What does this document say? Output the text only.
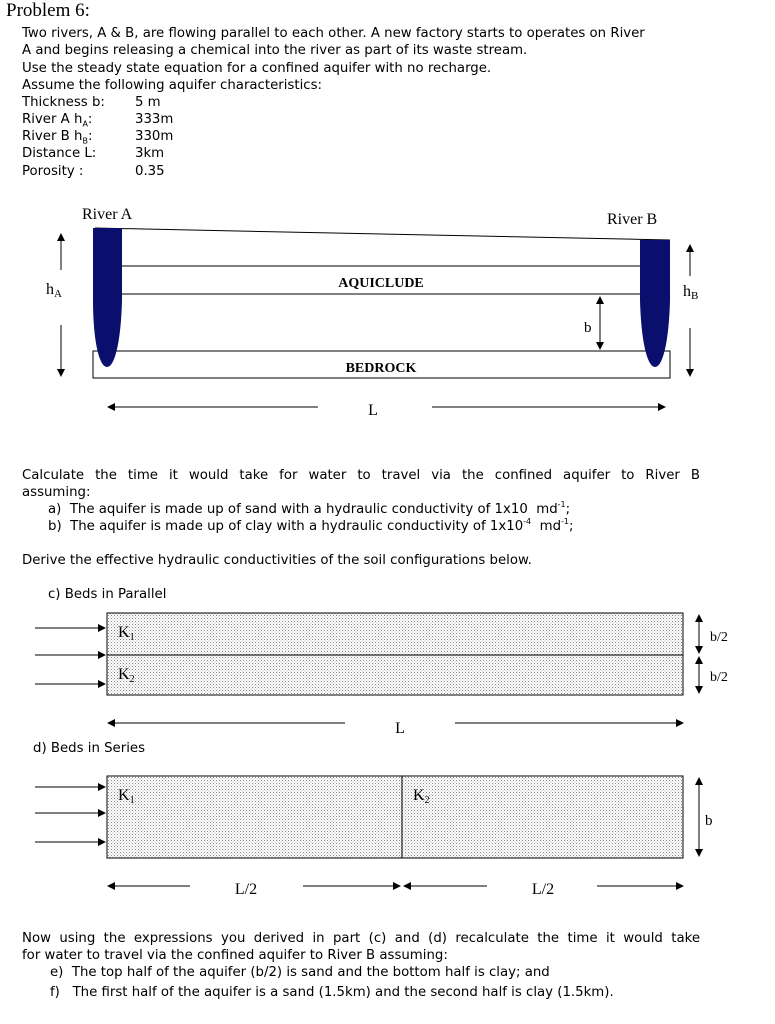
Problem 6:
Two rivers, A & B, are flowing parallel to each other. A new factory starts to operates on River
A and begins releasing a chemical into the river as part of its waste stream.
Use the steady state equation for a confined aquifer with no recharge.
Assume the following aquifer characteristics:
Thickness b: 5 m
River A $h_A$:	333m
River B $h_B$:	330m
Distance L:	3km
Porosity :	0.35
River A	River B
AQUICLUDE
BEDROCK
b
hA	hB
L
K1
K2
b/2
b/2
L
K1	K2
b
L/2	L/2
Calculate the time it would take for water to travel via the confined aquifer to River B
assuming:
a) The aquifer is made up of sand with a hydraulic conductivity of 1x10 $md^{-1}$;
b) The aquifer is made up of clay with a hydraulic conductivity of $1x10^{-4}$ $md^{-1}$;
Derive the effective hydraulic conductivities of the soil configurations below.
c) Beds in Parallel
d) Beds in Series
Now using the expressions you derived in part (c) and (d) recalculate the time it would take
for water to travel via the confined aquifer to River B assuming:
e) The top half of the aquifer (b/2) is sand and the bottom half is clay; and
f) The first half of the aquifer is a sand (1.5km) and the second half is clay (1.5km).
